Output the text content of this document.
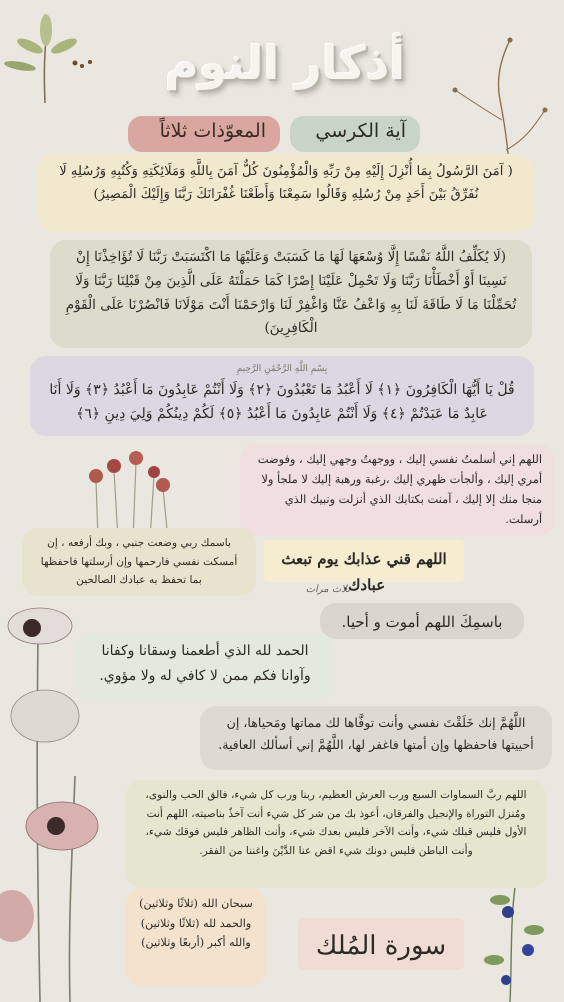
أذكار النوم
آية الكرسي
المعوّذات ثلاثاً
( آمَنَ الرَّسُولُ بِمَا أُنْزِلَ إِلَيْهِ مِنْ رَبِّهِ وَالْمُؤْمِنُونَ كُلٌّ آمَنَ بِاللَّهِ وَمَلَائِكَتِهِ وَكُتُبِهِ وَرُسُلِهِ لَا نُفَرِّقُ بَيْنَ أَحَدٍ مِنْ رُسُلِهِ وَقَالُوا سَمِعْنَا وَأَطَعْنَا غُفْرَانَكَ رَبَّنَا وَإِلَيْكَ الْمَصِيرُ)
(لَا يُكَلِّفُ اللَّهُ نَفْسًا إِلَّا وُسْعَهَا لَهَا مَا كَسَبَتْ وَعَلَيْهَا مَا اكْتَسَبَتْ رَبَّنَا لَا تُؤَاخِذْنَا إِنْ نَسِينَا أَوْ أَخْطَأْنَا رَبَّنَا وَلَا تَحْمِلْ عَلَيْنَا إِصْرًا كَمَا حَمَلْتَهُ عَلَى الَّذِينَ مِنْ قَبْلِنَا رَبَّنَا وَلَا تُحَمِّلْنَا مَا لَا طَاقَةَ لَنَا بِهِ وَاعْفُ عَنَّا وَاغْفِرْ لَنَا وَارْحَمْنَا أَنْتَ مَوْلَانَا فَانْصُرْنَا عَلَى الْقَوْمِ الْكَافِرِينَ)
بِسْمِ اللَّهِ الرَّحْمَٰنِ الرَّحِيمِ
قُلْ يَا أَيُّهَا الْكَافِرُونَ ﴿١﴾ لَا أَعْبُدُ مَا تَعْبُدُونَ ﴿٢﴾ وَلَا أَنْتُمْ عَابِدُونَ مَا أَعْبُدُ ﴿٣﴾ وَلَا أَنَا عَابِدٌ مَا عَبَدْتُمْ ﴿٤﴾ وَلَا أَنْتُمْ عَابِدُونَ مَا أَعْبُدُ ﴿٥﴾ لَكُمْ دِينُكُمْ وَلِيَ دِينِ ﴿٦﴾
اللهم إني أسلمتُ نفسي إليك ، ووجهتُ وجهي إليك ، وفوضت أمري إليك ، وألجأت ظهري إليك ،رغبة ورهبة إليك لا ملجأ ولا منجا منك إلا إليك ، آمنت بكتابك الذي أنزلت ونبيك الذي أرسلت.
باسمك ربي وضعت جنبي ، وبك أرفعه ، إن أمسكت نفسي فارحمها وإن أرسلتها فاحفظها بما تحفظ به عبادك الصالحين
اللهم قني عذابك يوم تبعث عبادك.
ثلاث مرات
باسمِكَ اللهم أموت و أحيا.
الحمد لله الذي أطعمنا وسقانا وكفانا وآوانا فكم ممن لا كافي له ولا مؤوي.
اللَّهُمَّ إنك خَلَقْتَ نفسي وأنت توفَّاها لك مماتها ومَحياها، إن أحييتها فاحفظها وإن أمتها فاغفر لها، اللَّهُمَّ إني أسألك العافية.
اللهم ربَّ السماوات السبع ورب العرش العظيم، ربنا ورب كل شيء، فالق الحب والنوى، ومُنزل التوراة والإنجيل والفرقان، أعوذ بك من شر كل شيء أنت آخذٌ بناصيته، اللهم أنت الأول فليس قبلك شيء، وأنت الآخر فليس بعدك شيء، وأنت الظاهر فليس فوقك شيء، وأنت الباطن فليس دونك شيء اقض عنا الدَّيْنَ واغننا من الفقر.
سبحان الله (ثلاثًا وثلاثين)
والحمد لله (ثلاثًا وثلاثين)
والله أكبر (أربعًا وثلاثين)	سورة المُلك
